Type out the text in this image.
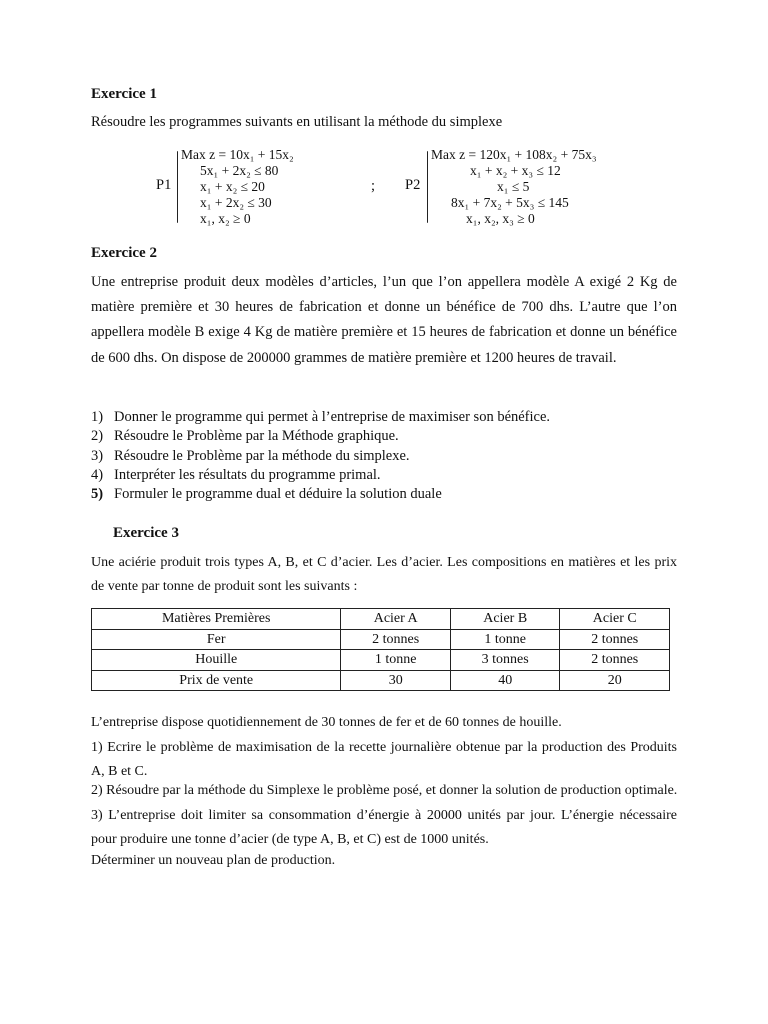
Exercice 1
Résoudre les programmes suivants en utilisant la méthode du simplexe
P1
Max z = 10x₁ + 15x₂
5x₁ + 2x₂ ≤ 80
x₁ + x₂ ≤ 20
x₁ + 2x₂ ≤ 30
x₁, x₂ ≥ 0
; P2
Max z = 120x₁ + 108x₂ + 75x₃
x₁ + x₂ + x₃ ≤ 12
x₁ ≤ 5
8x₁ + 7x₂ + 5x₃ ≤ 145
x₁, x₂, x₃ ≥ 0
Exercice 2
Une entreprise produit deux modèles d’articles, l’un que l’on appellera modèle A exigé 2 Kg de matière première et 30 heures de fabrication et donne un bénéfice de 700 dhs. L’autre que l’on appellera modèle B exige 4 Kg de matière première et 15 heures de fabrication et donne un bénéfice de 600 dhs. On dispose de 200000 grammes de matière première et 1200 heures de travail.
1) Donner le programme qui permet à l’entreprise de maximiser son bénéfice.
2) Résoudre le Problème par la Méthode graphique.
3) Résoudre le Problème par la méthode du simplexe.
4) Interpréter les résultats du programme primal.
5) Formuler le programme dual et déduire la solution duale
Exercice 3
Une aciérie produit trois types A, B, et C d’acier. Les d’acier. Les compositions en matières et les prix de vente par tonne de produit sont les suivants :
Matières Premières	Acier A	Acier B	Acier C
Fer	2 tonnes	1 tonne	2 tonnes
Houille	1 tonne	3 tonnes	2 tonnes
Prix de vente	30	40	20
L’entreprise dispose quotidiennement de 30 tonnes de fer et de 60 tonnes de houille.
1) Ecrire le problème de maximisation de la recette journalière obtenue par la production des Produits A, B et C.
2) Résoudre par la méthode du Simplexe le problème posé, et donner la solution de production optimale.
3) L’entreprise doit limiter sa consommation d’énergie à 20000 unités par jour. L’énergie nécessaire pour produire une tonne d’acier (de type A, B, et C) est de 1000 unités.
Déterminer un nouveau plan de production.
